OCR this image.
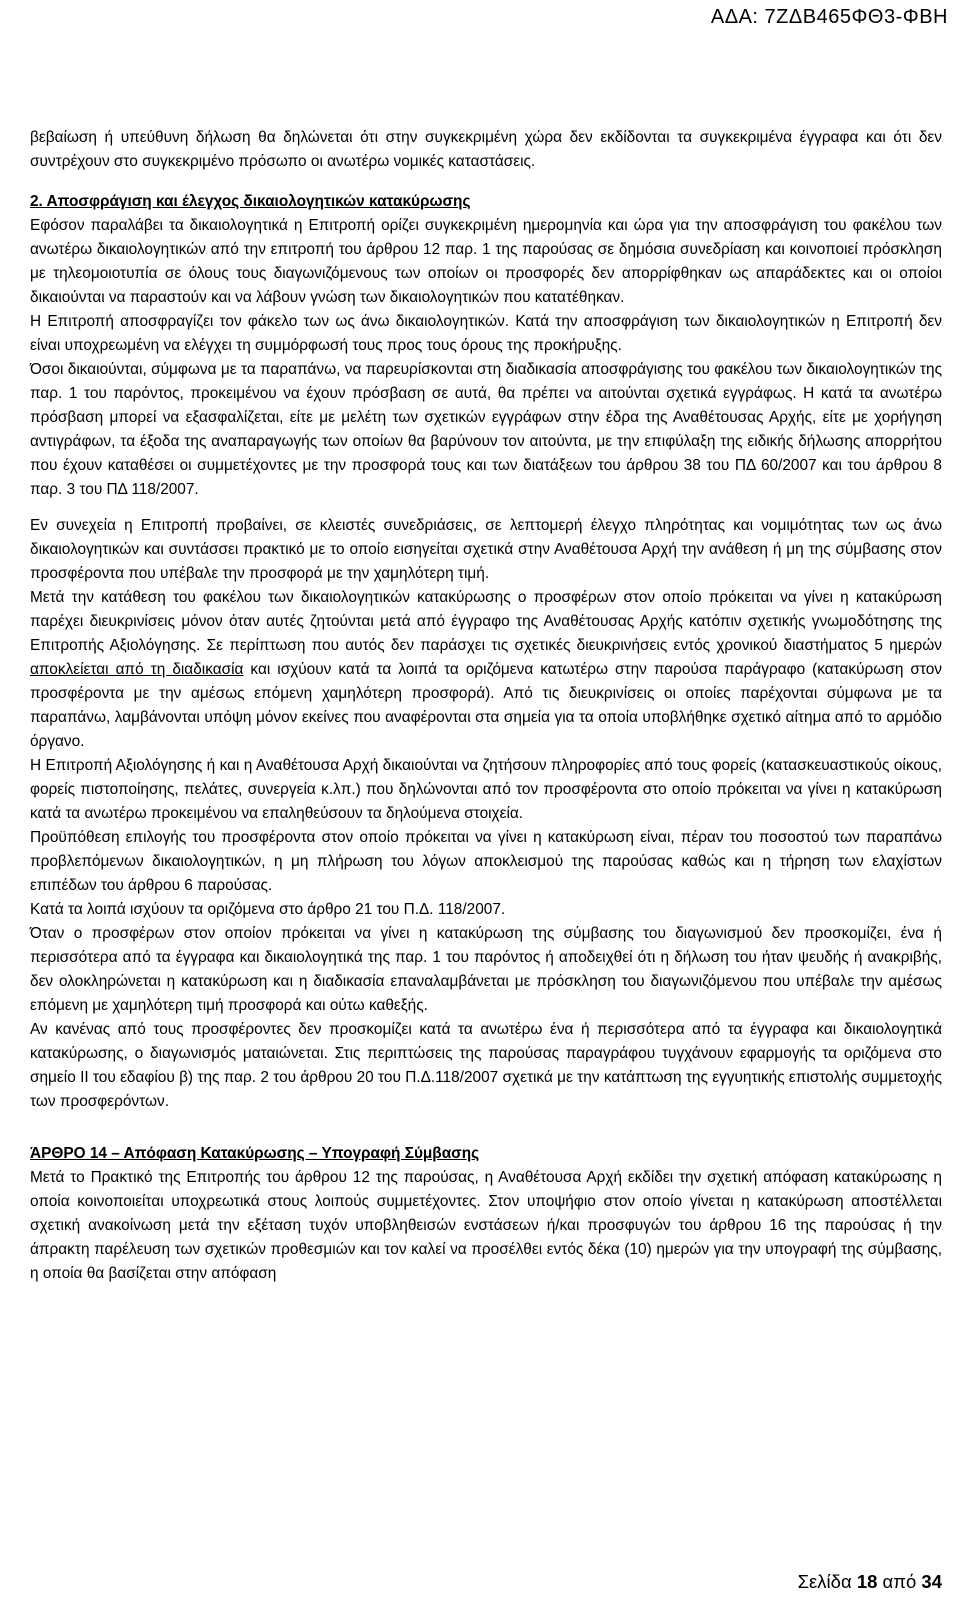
ΑΔΑ: 7ΖΔΒ465ΦΘ3-ΦΒΗ

βεβαίωση ή υπεύθυνη δήλωση θα δηλώνεται ότι στην συγκεκριμένη χώρα δεν εκδίδονται τα συγκεκριμένα έγγραφα και ότι δεν συντρέχουν στο συγκεκριμένο πρόσωπο οι ανωτέρω νομικές καταστάσεις.

2. Αποσφράγιση και έλεγχος δικαιολογητικών κατακύρωσης

Εφόσον παραλάβει τα δικαιολογητικά η Επιτροπή ορίζει συγκεκριμένη ημερομηνία και ώρα για την αποσφράγιση του φακέλου των ανωτέρω δικαιολογητικών από την επιτροπή του άρθρου 12 παρ. 1 της παρούσας σε δημόσια συνεδρίαση και κοινοποιεί πρόσκληση με τηλεομοιοτυπία σε όλους τους διαγωνιζόμενους των οποίων οι προσφορές δεν απορρίφθηκαν ως απαράδεκτες και οι οποίοι δικαιούνται να παραστούν και να λάβουν γνώση των δικαιολογητικών που κατατέθηκαν.

Η Επιτροπή αποσφραγίζει τον φάκελο των ως άνω δικαιολογητικών. Κατά την αποσφράγιση των δικαιολογητικών η Επιτροπή δεν είναι υποχρεωμένη να ελέγχει τη συμμόρφωσή τους προς τους όρους της προκήρυξης.

Όσοι δικαιούνται, σύμφωνα με τα παραπάνω, να παρευρίσκονται στη διαδικασία αποσφράγισης του φακέλου των δικαιολογητικών της παρ. 1 του παρόντος, προκειμένου να έχουν πρόσβαση σε αυτά, θα πρέπει να αιτούνται σχετικά εγγράφως. Η κατά τα ανωτέρω πρόσβαση μπορεί να εξασφαλίζεται, είτε με μελέτη των σχετικών εγγράφων στην έδρα της Αναθέτουσας Αρχής, είτε με χορήγηση αντιγράφων, τα έξοδα της αναπαραγωγής των οποίων θα βαρύνουν τον αιτούντα, με την επιφύλαξη της ειδικής δήλωσης απορρήτου που έχουν καταθέσει οι συμμετέχοντες με την προσφορά τους και των διατάξεων του άρθρου 38 του ΠΔ 60/2007 και του άρθρου 8 παρ. 3 του ΠΔ 118/2007.

Εν συνεχεία η Επιτροπή προβαίνει, σε κλειστές συνεδριάσεις, σε λεπτομερή έλεγχο πληρότητας και νομιμότητας των ως άνω δικαιολογητικών και συντάσσει πρακτικό με το οποίο εισηγείται σχετικά στην Αναθέτουσα Αρχή την ανάθεση ή μη της σύμβασης στον προσφέροντα που υπέβαλε την προσφορά με την χαμηλότερη τιμή.

Μετά την κατάθεση του φακέλου των δικαιολογητικών κατακύρωσης ο προσφέρων στον οποίο πρόκειται να γίνει η κατακύρωση παρέχει διευκρινίσεις μόνον όταν αυτές ζητούνται μετά από έγγραφο της Αναθέτουσας Αρχής κατόπιν σχετικής γνωμοδότησης της Επιτροπής Αξιολόγησης. Σε περίπτωση που αυτός δεν παράσχει τις σχετικές διευκρινήσεις εντός χρονικού διαστήματος 5 ημερών αποκλείεται από τη διαδικασία και ισχύουν κατά τα λοιπά τα οριζόμενα κατωτέρω στην παρούσα παράγραφο (κατακύρωση στον προσφέροντα με την αμέσως επόμενη χαμηλότερη προσφορά). Από τις διευκρινίσεις οι οποίες παρέχονται σύμφωνα με τα παραπάνω, λαμβάνονται υπόψη μόνον εκείνες που αναφέρονται στα σημεία για τα οποία υποβλήθηκε σχετικό αίτημα από το αρμόδιο όργανο.

Η Επιτροπή Αξιολόγησης ή και η Αναθέτουσα Αρχή δικαιούνται να ζητήσουν πληροφορίες από τους φορείς (κατασκευαστικούς οίκους, φορείς πιστοποίησης, πελάτες, συνεργεία κ.λπ.) που δηλώνονται από τον προσφέροντα στο οποίο πρόκειται να γίνει η κατακύρωση κατά τα ανωτέρω προκειμένου να επαληθεύσουν τα δηλούμενα στοιχεία.

Προϋπόθεση επιλογής του προσφέροντα στον οποίο πρόκειται να γίνει η κατακύρωση είναι, πέραν του ποσοστού των παραπάνω προβλεπόμενων δικαιολογητικών, η μη πλήρωση του λόγων αποκλεισμού της παρούσας καθώς και η τήρηση των ελαχίστων επιπέδων του άρθρου 6 παρούσας.

Κατά τα λοιπά ισχύουν τα οριζόμενα στο άρθρο 21 του Π.Δ. 118/2007.

Όταν ο προσφέρων στον οποίον πρόκειται να γίνει η κατακύρωση της σύμβασης του διαγωνισμού δεν προσκομίζει, ένα ή περισσότερα από τα έγγραφα και δικαιολογητικά της παρ. 1 του παρόντος ή αποδειχθεί ότι η δήλωση του ήταν ψευδής ή ανακριβής, δεν ολοκληρώνεται η κατακύρωση και η διαδικασία επαναλαμβάνεται με πρόσκληση του διαγωνιζόμενου που υπέβαλε την αμέσως επόμενη με χαμηλότερη τιμή προσφορά και ούτω καθεξής.

Αν κανένας από τους προσφέροντες δεν προσκομίζει κατά τα ανωτέρω ένα ή περισσότερα από τα έγγραφα και δικαιολογητικά κατακύρωσης, ο διαγωνισμός ματαιώνεται. Στις περιπτώσεις της παρούσας παραγράφου τυγχάνουν εφαρμογής τα οριζόμενα στο σημείο ΙΙ του εδαφίου β) της παρ. 2 του άρθρου 20 του Π.Δ.118/2007 σχετικά με την κατάπτωση της εγγυητικής επιστολής συμμετοχής των προσφερόντων.

ΆΡΘΡΟ 14 – Απόφαση Κατακύρωσης – Υπογραφή Σύμβασης

Μετά το Πρακτικό της Επιτροπής του άρθρου 12 της παρούσας, η Αναθέτουσα Αρχή εκδίδει την σχετική απόφαση κατακύρωσης η οποία κοινοποιείται υποχρεωτικά στους λοιπούς συμμετέχοντες. Στον υποψήφιο στον οποίο γίνεται η κατακύρωση αποστέλλεται σχετική ανακοίνωση μετά την εξέταση τυχόν υποβληθεισών ενστάσεων ή/και προσφυγών του άρθρου 16 της παρούσας ή την άπρακτη παρέλευση των σχετικών προθεσμιών και τον καλεί να προσέλθει εντός δέκα (10) ημερών για την υπογραφή της σύμβασης, η οποία θα βασίζεται στην απόφαση

Σελίδα 18 από 34
